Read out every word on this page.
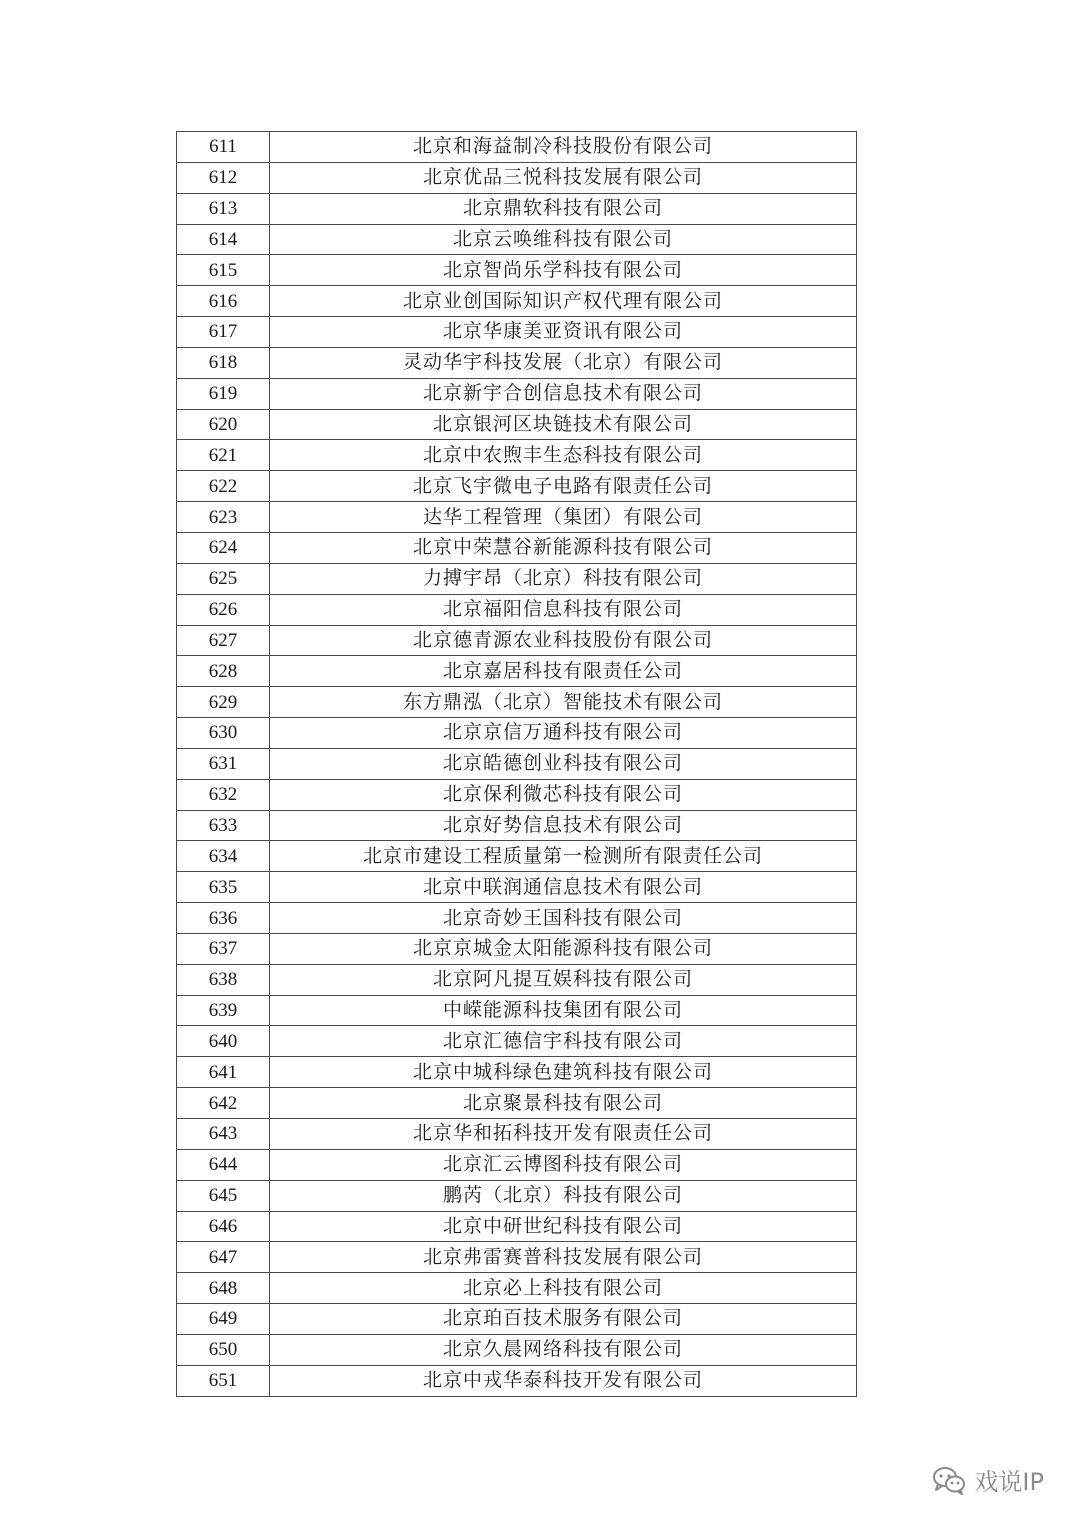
611	北京和海益制冷科技股份有限公司
612	北京优品三悦科技发展有限公司
613	北京鼎软科技有限公司
614	北京云唤维科技有限公司
615	北京智尚乐学科技有限公司
616	北京业创国际知识产权代理有限公司
617	北京华康美亚资讯有限公司
618	灵动华宇科技发展（北京）有限公司
619	北京新宇合创信息技术有限公司
620	北京银河区块链技术有限公司
621	北京中农煦丰生态科技有限公司
622	北京飞宇微电子电路有限责任公司
623	达华工程管理（集团）有限公司
624	北京中荣慧谷新能源科技有限公司
625	力搏宇昂（北京）科技有限公司
626	北京福阳信息科技有限公司
627	北京德青源农业科技股份有限公司
628	北京嘉居科技有限责任公司
629	东方鼎泓（北京）智能技术有限公司
630	北京京信万通科技有限公司
631	北京皓德创业科技有限公司
632	北京保利微芯科技有限公司
633	北京好势信息技术有限公司
634	北京市建设工程质量第一检测所有限责任公司
635	北京中联润通信息技术有限公司
636	北京奇妙王国科技有限公司
637	北京京城金太阳能源科技有限公司
638	北京阿凡提互娱科技有限公司
639	中嵘能源科技集团有限公司
640	北京汇德信宇科技有限公司
641	北京中城科绿色建筑科技有限公司
642	北京聚景科技有限公司
643	北京华和拓科技开发有限责任公司
644	北京汇云博图科技有限公司
645	鹏芮（北京）科技有限公司
646	北京中研世纪科技有限公司
647	北京弗雷赛普科技发展有限公司
648	北京必上科技有限公司
649	北京珀百技术服务有限公司
650	北京久晨网络科技有限公司
651	北京中戎华泰科技开发有限公司
戏说IP
